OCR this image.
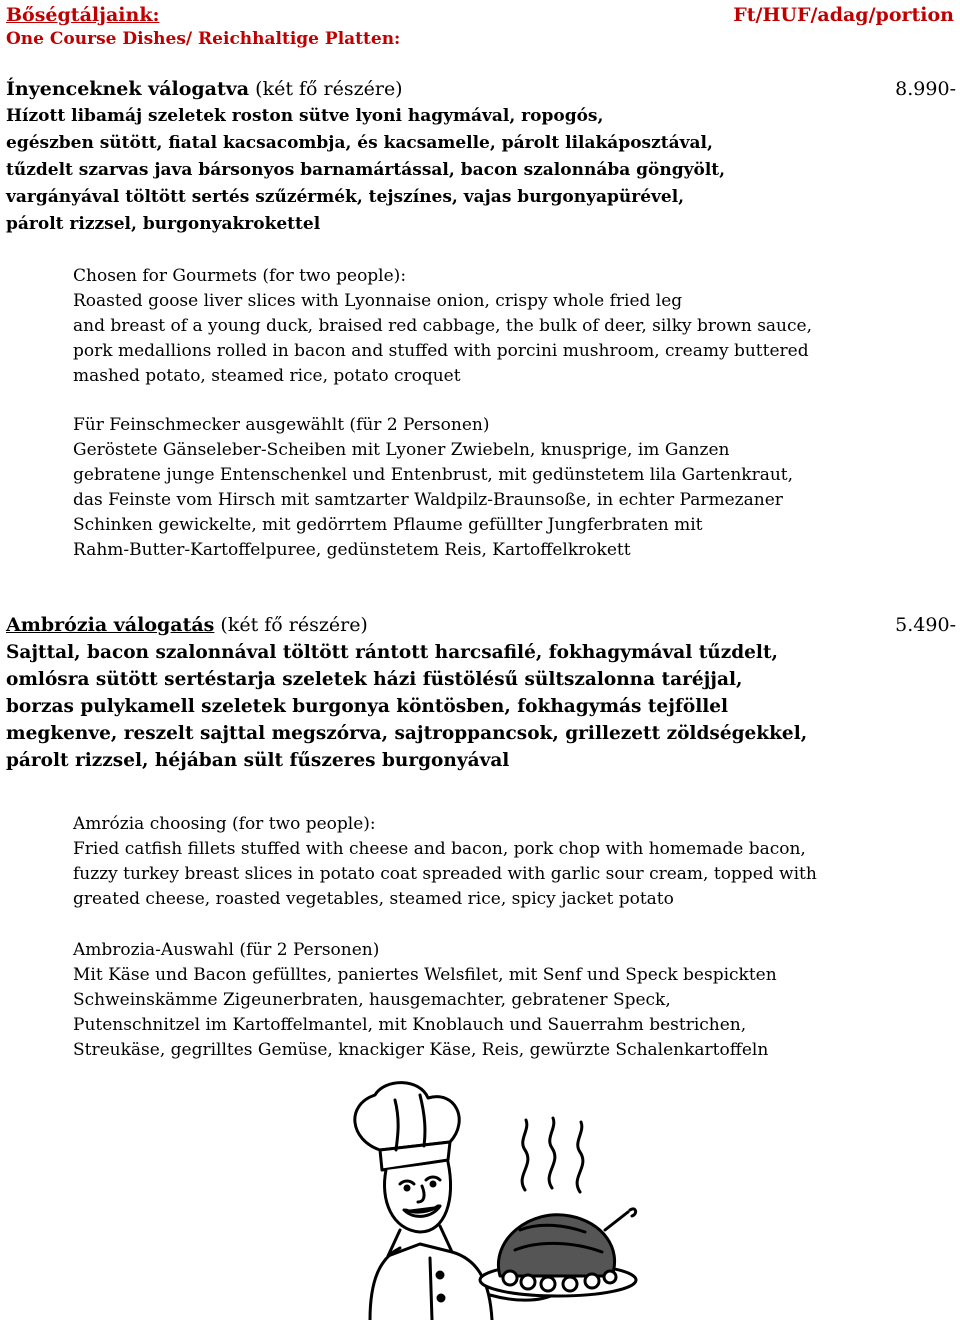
Bőségtáljaink:
One Course Dishes/ Reichhaltige Platten:
Ft/HUF/adag/portion
Ínyenceknek válogatva (két fő részére)	8.990-
Hízott libamáj szeletek roston sütve lyoni hagymával, ropogós,
egészben sütött, fiatal kacsacombja, és kacsamelle, párolt lilakáposztával,
tűzdelt szarvas java bársonyos barnamártással, bacon szalonnába göngyölt,
vargányával töltött sertés szűzérmék, tejszínes, vajas burgonyapürével,
párolt rizzsel, burgonyakrokettel

Chosen for Gourmets (for two people):

Roasted goose liver slices with Lyonnaise onion, crispy whole fried leg

and breast of a young duck, braised red cabbage, the bulk of deer, silky brown sauce,

pork medallions rolled in bacon and stuffed with porcini mushroom, creamy buttered

mashed potato, steamed rice, potato croquet

Für Feinschmecker ausgewählt (für 2 Personen)

Geröstete Gänseleber-Scheiben mit Lyoner Zwiebeln, knusprige, im Ganzen

gebratene junge Entenschenkel und Entenbrust, mit gedünstetem lila Gartenkraut,

das Feinste vom Hirsch mit samtzarter Waldpilz-Braunsoße, in echter Parmezaner

Schinken gewickelte, mit gedörrtem Pflaume gefüllter Jungferbraten mit

Rahm-Butter-Kartoffelpuree, gedünstetem Reis, Kartoffelkrokett

Ambrózia válogatás (két fő részére)	5.490-
Sajttal, bacon szalonnával töltött rántott harcsafilé, fokhagymával tűzdelt,
omlósra sütött sertéstarja szeletek házi füstölésű sültszalonna taréjjal,
borzas pulykamell szeletek burgonya köntösben, fokhagymás tejföllel
megkenve, reszelt sajttal megszórva, sajtroppancsok, grillezett zöldségekkel,
párolt rizzsel, héjában sült fűszeres burgonyával

Amrózia choosing (for two people):

Fried catfish fillets stuffed with cheese and bacon, pork chop with homemade bacon,

fuzzy turkey breast slices in potato coat spreaded with garlic sour cream, topped with

greated cheese, roasted vegetables, steamed rice, spicy jacket potato

Ambrozia-Auswahl (für 2 Personen)

Mit Käse und Bacon gefülltes, paniertes Welsfilet, mit Senf und Speck bespickten

Schweinskämme Zigeunerbraten, hausgemachter, gebratener Speck,

Putenschnitzel im Kartoffelmantel, mit Knoblauch und Sauerrahm bestrichen,

Streukäse, gegrilltes Gemüse, knackiger Käse, Reis, gewürzte Schalenkartoffeln
